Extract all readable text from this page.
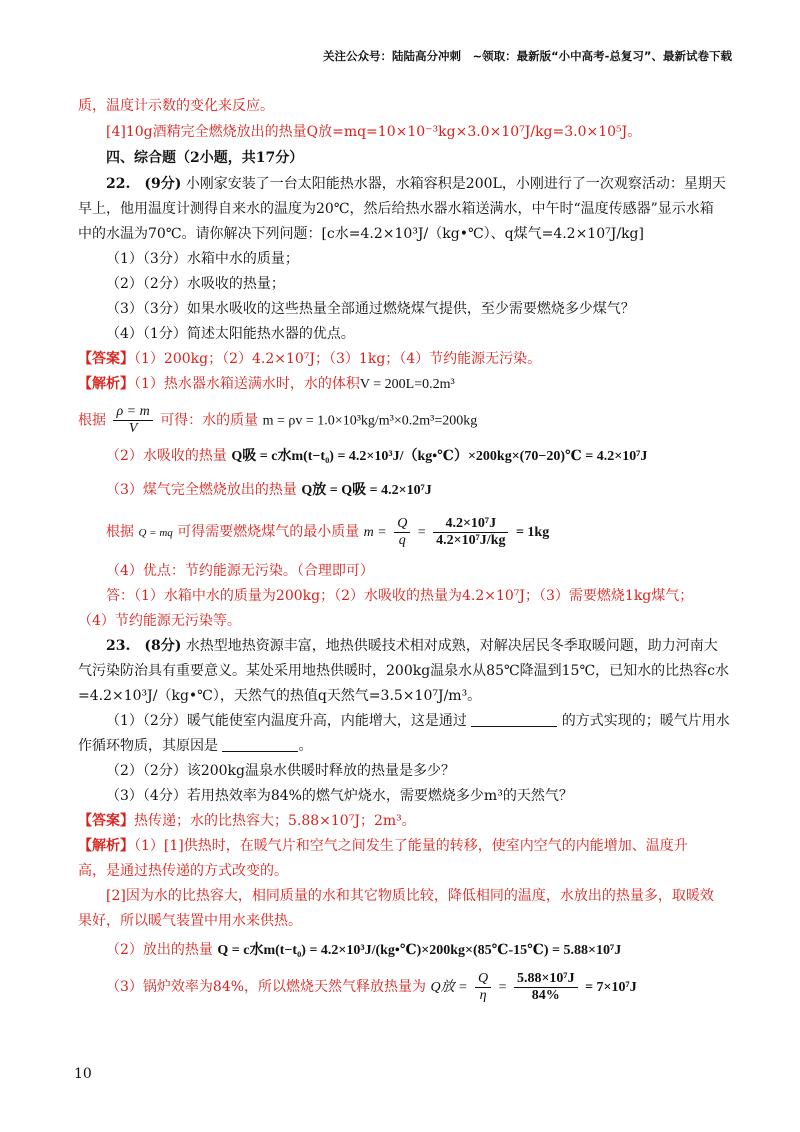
关注公众号：陆陆高分冲刺　~领取：最新版“小中高考-总复习”、最新试卷下载
质，温度计示数的变化来反应。
[4]10g酒精完全燃烧放出的热量Q放=mq=10×10⁻³kg×3.0×10⁷J/kg=3.0×10⁵J。
四、综合题（2小题，共17分）
22.　(9分) 小刚家安装了一台太阳能热水器，水箱容积是200L，小刚进行了一次观察活动：星期天
早上，他用温度计测得自来水的温度为20℃，然后给热水器水箱送满水，中午时“温度传感器”显示水箱
中的水温为70℃。请你解决下列问题：[c水=4.2×10³J/（kg•℃）、q煤气=4.2×10⁷J/kg]
（1）（3分）水箱中水的质量；
（2）（2分）水吸收的热量；
（3）（3分）如果水吸收的这些热量全部通过燃烧煤气提供，至少需要燃烧多少煤气？
（4）（1分）简述太阳能热水器的优点。
【答案】（1）200kg；（2）4.2×10⁷J；（3）1kg；（4）节约能源无污染。
【解析】（1）热水器水箱送满水时，水的体积V = 200L=0.2m³
根据 $\frac{\rho = m}{V}$ 可得：水的质量 m = ρv = 1.0×10³kg/m³×0.2m³=200kg
（2）水吸收的热量 Q吸 = c水m(t−t₀) = 4.2×10³J/（kg•℃）×200kg×(70−20)℃ = 4.2×10⁷J
（3）煤气完全燃烧放出的热量 Q放 = Q吸 = 4.2×10⁷J
根据 Q = mq 可得需要燃烧煤气的最小质量 $m = \frac{Q}{q} = \frac{\text{4.2×10⁷J}}{\text{4.2×10⁷J/kg}} = 1kg$
（4）优点：节约能源无污染。（合理即可）
答：（1）水箱中水的质量为200kg；（2）水吸收的热量为4.2×10⁷J；（3）需要燃烧1kg煤气；
（4）节约能源无污染等。
23.　(8分) 水热型地热资源丰富，地热供暖技术相对成熟，对解决居民冬季取暖问题，助力河南大
气污染防治具有重要意义。某处采用地热供暖时，200kg温泉水从85℃降温到15℃，已知水的比热容c水
=4.2×10³J/（kg•℃），天然气的热值q天然气=3.5×10⁷J/m³。
（1）（2分）暖气能使室内温度升高，内能增大，这是通过	的方式实现的；暖气片用水
作循环物质，其原因是	。
（2）（2分）该200kg温泉水供暖时释放的热量是多少？
（3）（4分）若用热效率为84%的燃气炉烧水，需要燃烧多少m³的天然气？
【答案】热传递；水的比热容大；5.88×10⁷J；2m³。
【解析】（1）[1]供热时，在暖气片和空气之间发生了能量的转移，使室内空气的内能增加、温度升
高，是通过热传递的方式改变的。
[2]因为水的比热容大，相同质量的水和其它物质比较，降低相同的温度，水放出的热量多，取暖效
果好，所以暖气装置中用水来供热。
（2）放出的热量 Q = c水m(t−t₀) = 4.2×10³J/(kg•℃)×200kg×(85℃-15℃) = 5.88×10⁷J
（3）锅炉效率为84%，所以燃烧天然气释放热量为 Q放 = $\frac{Q}{\eta} = \frac{\text{5.88×10⁷J}}{84\%} = 7\times 10^7J$
10
